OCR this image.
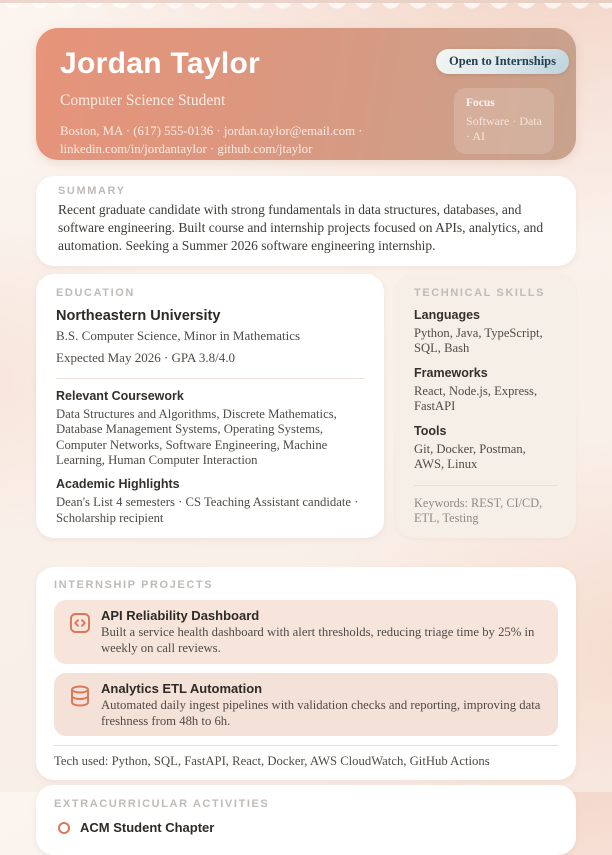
Jordan Taylor
Computer Science Student
Boston, MA · (617) 555-0136 · jordan.taylor@email.com ·
linkedin.com/in/jordantaylor · github.com/jtaylor
Open to Internships
Focus
Software · Data · AI
SUMMARY
Recent graduate candidate with strong fundamentals in data structures, databases, and software engineering. Built course and internship projects focused on APIs, analytics, and automation. Seeking a Summer 2026 software engineering internship.
EDUCATION
Northeastern University
B.S. Computer Science, Minor in Mathematics
Expected May 2026 · GPA 3.8/4.0
Relevant Coursework
Data Structures and Algorithms, Discrete Mathematics, Database Management Systems, Operating Systems, Computer Networks, Software Engineering, Machine Learning, Human Computer Interaction
Academic Highlights
Dean's List 4 semesters · CS Teaching Assistant candidate · Scholarship recipient
TECHNICAL SKILLS
Languages
Python, Java, TypeScript, SQL, Bash
Frameworks
React, Node.js, Express, FastAPI
Tools
Git, Docker, Postman, AWS, Linux
Keywords: REST, CI/CD, ETL, Testing
INTERNSHIP PROJECTS
API Reliability Dashboard
Built a service health dashboard with alert thresholds, reducing triage time by 25% in weekly on call reviews.
Analytics ETL Automation
Automated daily ingest pipelines with validation checks and reporting, improving data freshness from 48h to 6h.
Tech used: Python, SQL, FastAPI, React, Docker, AWS CloudWatch, GitHub Actions
EXTRACURRICULAR ACTIVITIES
ACM Student Chapter
